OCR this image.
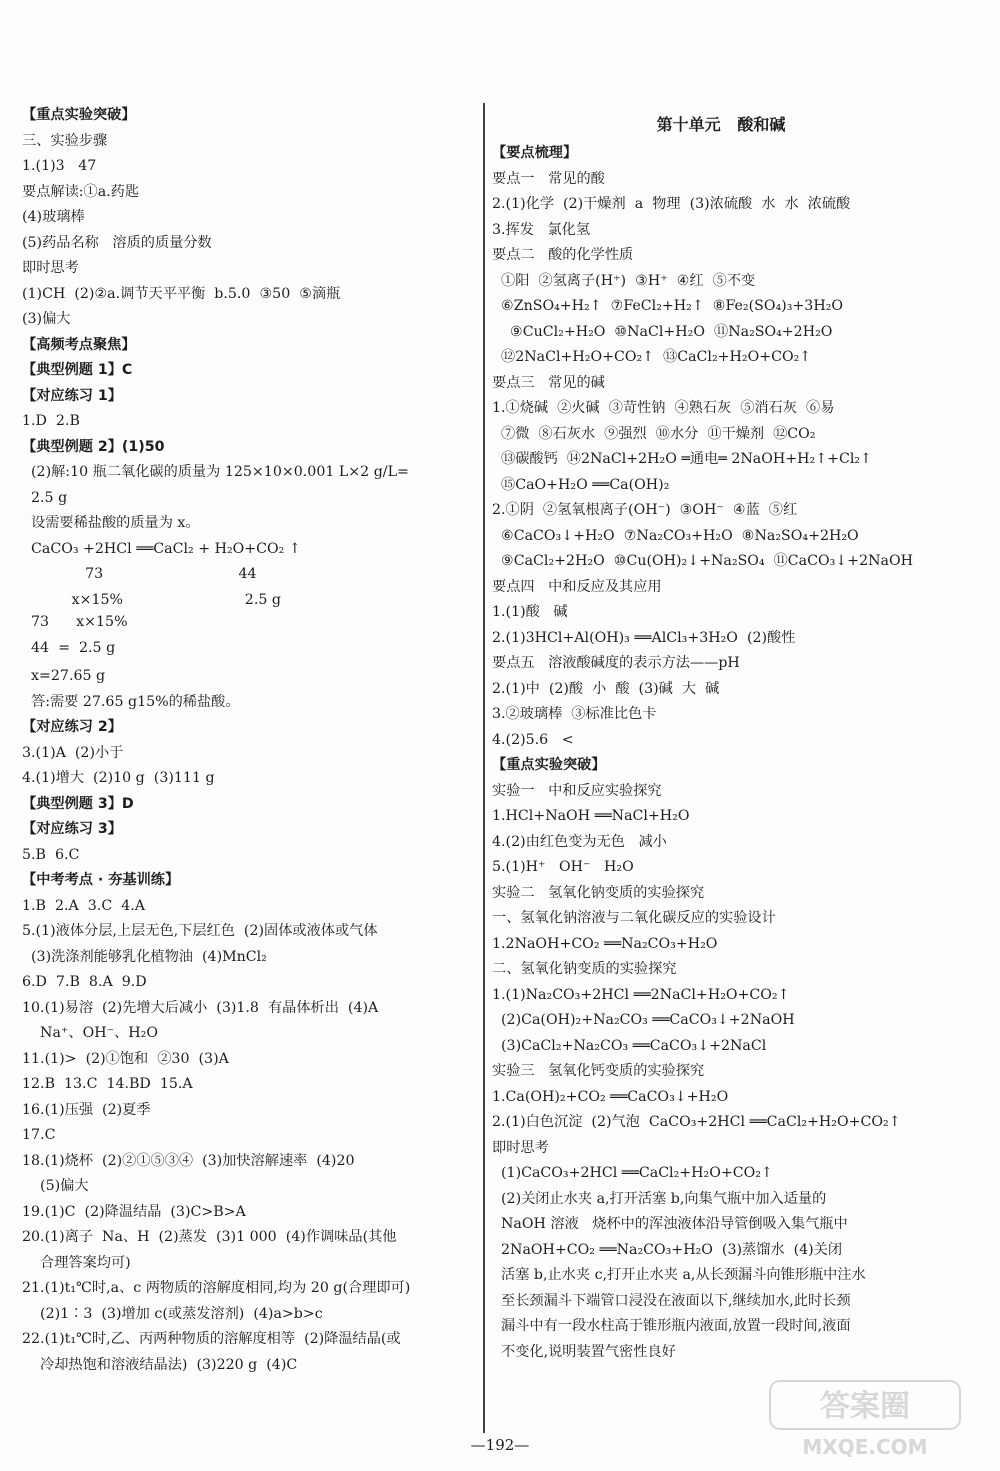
【重点实验突破】
三、实验步骤
1.(1)3   47
要点解读:①a.药匙
(4)玻璃棒
(5)药品名称   溶质的质量分数
即时思考
(1)CH  (2)②a.调节天平平衡  b.5.0  ③50  ⑤滴瓶
(3)偏大
【高频考点聚焦】
【典型例题 1】C
【对应练习 1】
1.D  2.B
【典型例题 2】(1)50
(2)解:10 瓶二氧化碳的质量为 125×10×0.001 L×2 g/L=
2.5 g
设需要稀盐酸的质量为 x。
CaCO₃ +2HCl ══CaCl₂ + H₂O+CO₂ ↑
73                              44
x×15%                           2.5 g
73      x×15%
44  =  2.5 g
x=27.65 g
答:需要 27.65 g15%的稀盐酸。
【对应练习 2】
3.(1)A  (2)小于
4.(1)增大  (2)10 g  (3)111 g
【典型例题 3】D
【对应练习 3】
5.B  6.C
【中考考点 · 夯基训练】
1.B  2.A  3.C  4.A
5.(1)液体分层,上层无色,下层红色  (2)固体或液体或气体
(3)洗涤剂能够乳化植物油  (4)MnCl₂
6.D  7.B  8.A  9.D
10.(1)易溶  (2)先增大后减小  (3)1.8  有晶体析出  (4)A
Na⁺、OH⁻、H₂O
11.(1)>  (2)①饱和  ②30  (3)A
12.B  13.C  14.BD  15.A
16.(1)压强  (2)夏季
17.C
18.(1)烧杯  (2)②①⑤③④  (3)加快溶解速率  (4)20
(5)偏大
19.(1)C  (2)降温结晶  (3)C>B>A
20.(1)离子  Na、H  (2)蒸发  (3)1 000  (4)作调味品(其他
合理答案均可)
21.(1)t₁℃时,a、c 两物质的溶解度相同,均为 20 g(合理即可)
(2)1∶3  (3)增加 c(或蒸发溶剂)  (4)a>b>c
22.(1)t₁℃时,乙、丙两种物质的溶解度相等  (2)降温结晶(或
冷却热饱和溶液结晶法)  (3)220 g  (4)C
第十单元   酸和碱
【要点梳理】
要点一   常见的酸
2.(1)化学  (2)干燥剂  a  物理  (3)浓硫酸  水  水  浓硫酸
3.挥发   氯化氢
要点二   酸的化学性质
①阳  ②氢离子(H⁺)  ③H⁺  ④红  ⑤不变
⑥ZnSO₄+H₂↑  ⑦FeCl₂+H₂↑  ⑧Fe₂(SO₄)₃+3H₂O
⑨CuCl₂+H₂O  ⑩NaCl+H₂O  ⑪Na₂SO₄+2H₂O
⑫2NaCl+H₂O+CO₂↑  ⑬CaCl₂+H₂O+CO₂↑
要点三   常见的碱
1.①烧碱  ②火碱  ③苛性钠  ④熟石灰  ⑤消石灰  ⑥易
⑦微  ⑧石灰水  ⑨强烈  ⑩水分  ⑪干燥剂  ⑫CO₂
⑬碳酸钙  ⑭2NaCl+2H₂O ═通电═ 2NaOH+H₂↑+Cl₂↑
⑮CaO+H₂O ══Ca(OH)₂
2.①阴  ②氢氧根离子(OH⁻)  ③OH⁻  ④蓝  ⑤红
⑥CaCO₃↓+H₂O  ⑦Na₂CO₃+H₂O  ⑧Na₂SO₄+2H₂O
⑨CaCl₂+2H₂O  ⑩Cu(OH)₂↓+Na₂SO₄  ⑪CaCO₃↓+2NaOH
要点四   中和反应及其应用
1.(1)酸   碱
2.(1)3HCl+Al(OH)₃ ══AlCl₃+3H₂O  (2)酸性
要点五   溶液酸碱度的表示方法——pH
2.(1)中  (2)酸  小  酸  (3)碱  大  碱
3.②玻璃棒  ③标准比色卡
4.(2)5.6   <
【重点实验突破】
实验一   中和反应实验探究
1.HCl+NaOH ══NaCl+H₂O
4.(2)由红色变为无色   减小
5.(1)H⁺   OH⁻   H₂O
实验二   氢氧化钠变质的实验探究
一、氢氧化钠溶液与二氧化碳反应的实验设计
1.2NaOH+CO₂ ══Na₂CO₃+H₂O
二、氢氧化钠变质的实验探究
1.(1)Na₂CO₃+2HCl ══2NaCl+H₂O+CO₂↑
(2)Ca(OH)₂+Na₂CO₃ ══CaCO₃↓+2NaOH
(3)CaCl₂+Na₂CO₃ ══CaCO₃↓+2NaCl
实验三   氢氧化钙变质的实验探究
1.Ca(OH)₂+CO₂ ══CaCO₃↓+H₂O
2.(1)白色沉淀  (2)气泡  CaCO₃+2HCl ══CaCl₂+H₂O+CO₂↑
即时思考
(1)CaCO₃+2HCl ══CaCl₂+H₂O+CO₂↑
(2)关闭止水夹 a,打开活塞 b,向集气瓶中加入适量的
NaOH 溶液   烧杯中的浑浊液体沿导管倒吸入集气瓶中
2NaOH+CO₂ ══Na₂CO₃+H₂O  (3)蒸馏水  (4)关闭
活塞 b,止水夹 c,打开止水夹 a,从长颈漏斗向锥形瓶中注水
至长颈漏斗下端管口浸没在液面以下,继续加水,此时长颈
漏斗中有一段水柱高于锥形瓶内液面,放置一段时间,液面
不变化,说明装置气密性良好
—192—
答案圈
MXQE.COM
